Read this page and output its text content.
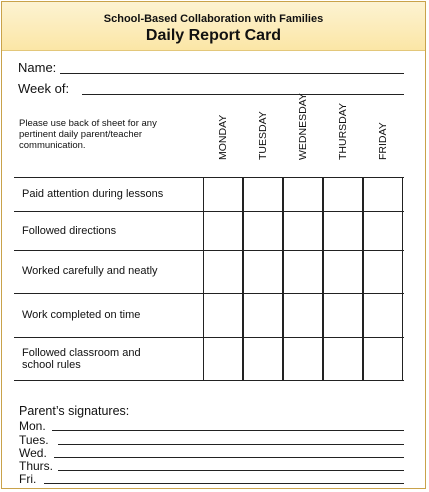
School-Based Collaboration with Families
Daily Report Card
Name:
Week of:
Please use back of sheet for any pertinent daily parent/teacher communication.	MONDAY	TUESDAY	WEDNESDAY	THURSDAY	FRIDAY
Paid attention during lessons
Followed directions
Worked carefully and neatly
Work completed on time
Followed classroom and school rules
Parent’s signatures:
Mon.
Tues.
Wed.
Thurs.
Fri.
